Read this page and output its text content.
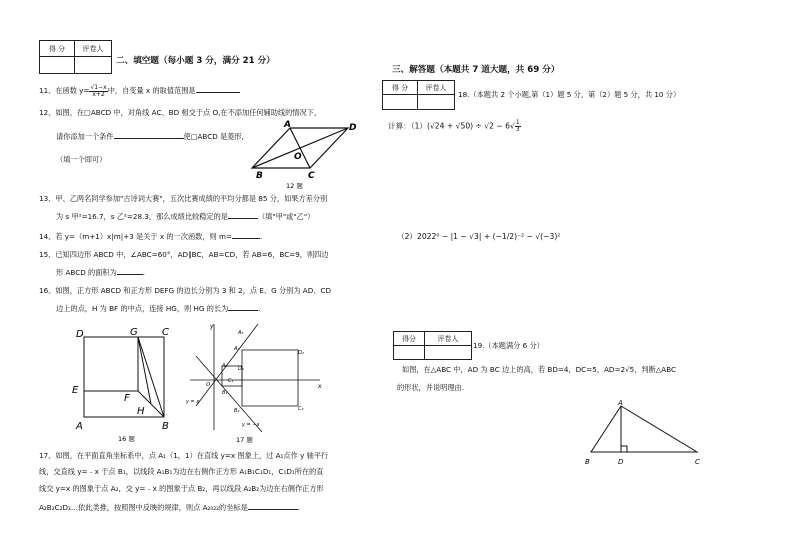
得 分	评卷人

二、填空题（每小题 3 分，满分 21 分）
11、在函数 $y= \frac{√1-x}{x+2}$ 中，自变量 x 的取值范围是
12、如图，在□ABCD 中，对角线 AC、BD 相交于点 O,在不添加任何辅助线的情况下，
请你添加一个条件	使□ABCD 是菱形,
（填一个即可）
A	D
O
B	C
12 题
13、甲、乙两名同学参加"古诗词大赛"，五次比赛成绩的平均分都是 85 分，如果方差分别
为 s 甲²=16.7，s 乙²=28.3，那么成绩比较稳定的是	（填"甲"或"乙"）
14、若 y=（m+1）x|m|+3 是关于 x 的一次函数，则 m=	.
15、已知四边形 ABCD 中，∠ABC=60°，AD∥BC，AB=CD，若 AB=6，BC=9，则四边
形 ABCD 的面积为	.
16、如图，正方形 ABCD 和正方形 DEFG 的边长分别为 3 和 2，点 E、G 分别为 AD、CD
边上的点，H 为 BF 的中点，连接 HG，则 HG 的长为	.
D	G C
E
F
H
A	B
16 题
y
x
O
A₁
A₂
A₃
B₁
B₂
C₁
C₂
D₁
D₂
y = x
y = −x
17 题
17、如图，在平面直角坐标系中，点 A₁（1，1）在直线 y=x 图象上，过 A₁点作 y 轴平行
线，交直线 y=﹣x 于点 B₁，以线段 A₁B₁为边在右侧作正方形 A₁B₁C₁D₁，C₁D₁所在的直
线交 y=x 的图象于点 A₂，交 y=﹣x 的图象于点 B₂，再以线段 A₂B₂为边在右侧作正方形
A₂B₂C₂D₂…依此类推，按照图中反映的规律，则点 A₂₀₂₂的坐标是	.
三、解答题（本题共 7 道大题，共 69 分）
得 分	评卷人

18.（本题共 2 个小题,第（1）题 5 分，第（2）题 5 分，共 10 分）
计算：$(1)(√24 + √50) \div √2 - 6√ \frac{1}{3}$
（2）2022⁰ − |1 − √3| + (−1/2)⁻² − √(−3)²
得分	评卷人

19.（本题满分 6 分）
如图，在△ABC 中，AD 为 BC 边上的高，若 BD=4，DC=5，AD=2√5，判断△ABC
的形状，并说明理由.
A
B	D	C
